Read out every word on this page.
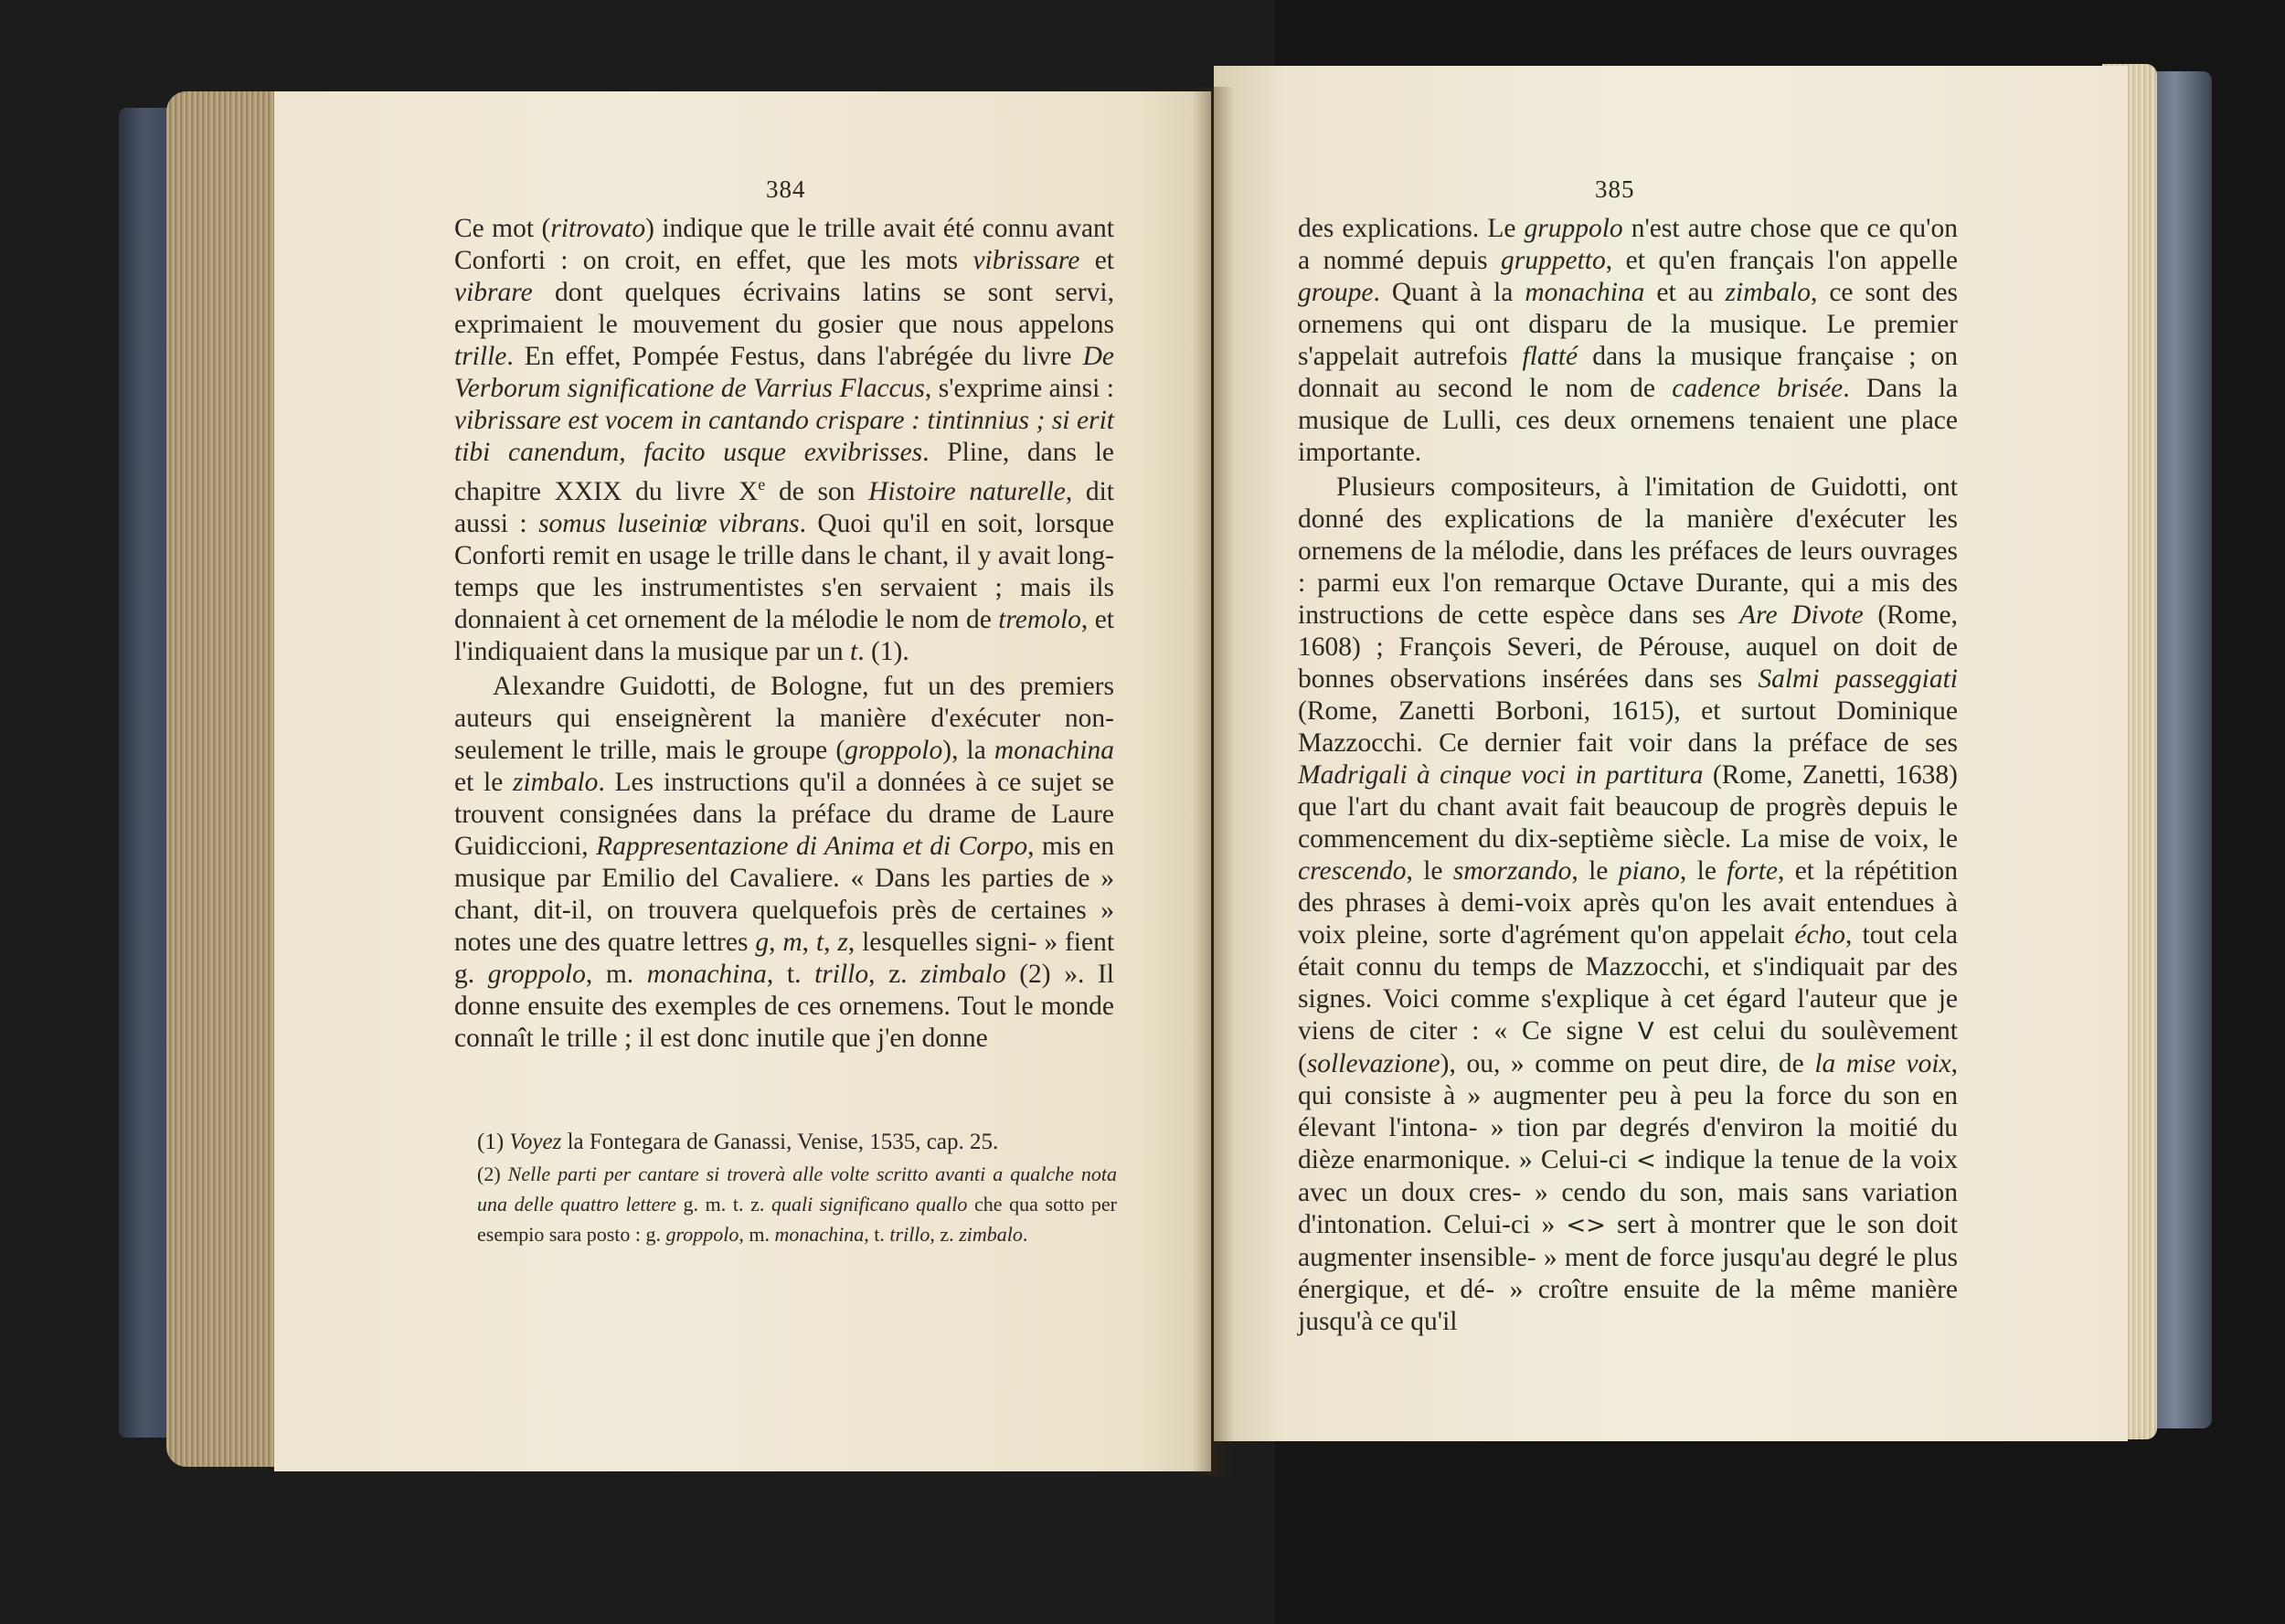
384

Ce mot (ritrovato) indique que le trille avait été connu avant Conforti : on croit, en effet, que les mots vibrissare et vibrare dont quelques écrivains latins se sont servi, exprimaient le mouvement du gosier que nous appelons trille. En effet, Pompée Festus, dans l'abrégée du livre De Verborum significatione de Varrius Flaccus, s'exprime ainsi : vibrissare est vocem in cantando crispare : tintinnius ; si erit tibi canendum, facito usque exvibrisses. Pline, dans le chapitre XXIX du livre Xe de son Histoire naturelle, dit aussi : somus luseiniœ vibrans. Quoi qu'il en soit, lorsque Conforti remit en usage le trille dans le chant, il y avait long-temps que les instrumentistes s'en servaient ; mais ils donnaient à cet ornement de la mélodie le nom de tremolo, et l'indiquaient dans la musique par un t. (1).

Alexandre Guidotti, de Bologne, fut un des premiers auteurs qui enseignèrent la manière d'exécuter non-seulement le trille, mais le groupe (groppolo), la monachina et le zimbalo. Les instructions qu'il a données à ce sujet se trouvent consignées dans la préface du drame de Laure Guidiccioni, Rappresentazione di Anima et di Corpo, mis en musique par Emilio del Cavaliere. « Dans les parties de » chant, dit-il, on trouvera quelquefois près de certaines » notes une des quatre lettres g, m, t, z, lesquelles signi- » fient g. groppolo, m. monachina, t. trillo, z. zimbalo (2) ». Il donne ensuite des exemples de ces ornemens. Tout le monde connaît le trille ; il est donc inutile que j'en donne

(1) Voyez la Fontegara de Ganassi, Venise, 1535, cap. 25.

(2) Nelle parti per cantare si troverà alle volte scritto avanti a qualche nota una delle quattro lettere g. m. t. z. quali significano quallo che qua sotto per esempio sara posto : g. groppolo, m. monachina, t. trillo, z. zimbalo.

385

des explications. Le gruppolo n'est autre chose que ce qu'on a nommé depuis gruppetto, et qu'en français l'on appelle groupe. Quant à la monachina et au zimbalo, ce sont des ornemens qui ont disparu de la musique. Le premier s'appelait autrefois flatté dans la musique française ; on donnait au second le nom de cadence brisée. Dans la musique de Lulli, ces deux ornemens tenaient une place importante.

Plusieurs compositeurs, à l'imitation de Guidotti, ont donné des explications de la manière d'exécuter les ornemens de la mélodie, dans les préfaces de leurs ouvrages : parmi eux l'on remarque Octave Durante, qui a mis des instructions de cette espèce dans ses Are Divote (Rome, 1608) ; François Severi, de Pérouse, auquel on doit de bonnes observations insérées dans ses Salmi passeggiati (Rome, Zanetti Borboni, 1615), et surtout Dominique Mazzocchi. Ce dernier fait voir dans la préface de ses Madrigali à cinque voci in partitura (Rome, Zanetti, 1638) que l'art du chant avait fait beaucoup de progrès depuis le commencement du dix-septième siècle. La mise de voix, le crescendo, le smorzando, le piano, le forte, et la répétition des phrases à demi-voix après qu'on les avait entendues à voix pleine, sorte d'agrément qu'on appelait écho, tout cela était connu du temps de Mazzocchi, et s'indiquait par des signes. Voici comme s'explique à cet égard l'auteur que je viens de citer : « Ce signe V est celui du soulèvement (sollevazione), ou, » comme on peut dire, de la mise voix, qui consiste à » augmenter peu à peu la force du son en élevant l'intona- » tion par degrés d'environ la moitié du dièze enarmonique. » Celui-ci < indique la tenue de la voix avec un doux cres- » cendo du son, mais sans variation d'intonation. Celui-ci » <> sert à montrer que le son doit augmenter insensible- » ment de force jusqu'au degré le plus énergique, et dé- » croître ensuite de la même manière jusqu'à ce qu'il
